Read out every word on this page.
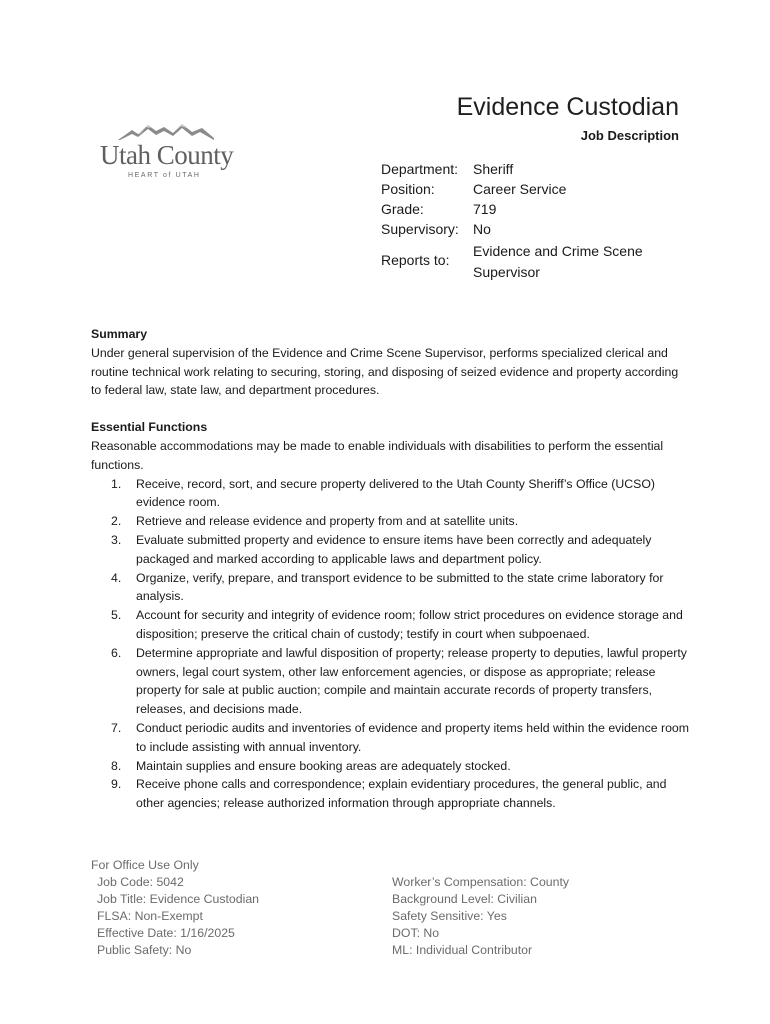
Utah County
HEART of UTAH
Evidence Custodian
Job Description
Department: Sheriff
Position:	Career Service
Grade:	719
Supervisory: No
Reports to:
Evidence and Crime Scene Supervisor
Summary

Under general supervision of the Evidence and Crime Scene Supervisor, performs specialized clerical and routine technical work relating to securing, storing, and disposing of seized evidence and property according to federal law, state law, and department procedures.

Essential Functions

Reasonable accommodations may be made to enable individuals with disabilities to perform the essential functions.

1.	Receive, record, sort, and secure property delivered to the Utah County Sheriff’s Office (UCSO) evidence room.
2.	Retrieve and release evidence and property from and at satellite units.
3.	Evaluate submitted property and evidence to ensure items have been correctly and adequately packaged and marked according to applicable laws and department policy.
4.	Organize, verify, prepare, and transport evidence to be submitted to the state crime laboratory for analysis.
5.	Account for security and integrity of evidence room; follow strict procedures on evidence storage and disposition; preserve the critical chain of custody; testify in court when subpoenaed.
6.	Determine appropriate and lawful disposition of property; release property to deputies, lawful property owners, legal court system, other law enforcement agencies, or dispose as appropriate; release property for sale at public auction; compile and maintain accurate records of property transfers, releases, and decisions made.
7.	Conduct periodic audits and inventories of evidence and property items held within the evidence room to include assisting with annual inventory.
8.	Maintain supplies and ensure booking areas are adequately stocked.
9.	Receive phone calls and correspondence; explain evidentiary procedures, the general public, and other agencies; release authorized information through appropriate channels.
For Office Use Only
Job Code: 5042
Job Title: Evidence Custodian
FLSA: Non-Exempt
Effective Date: 1/16/2025
Public Safety: No
Worker’s Compensation: County
Background Level: Civilian
Safety Sensitive: Yes
DOT: No
ML: Individual Contributor
